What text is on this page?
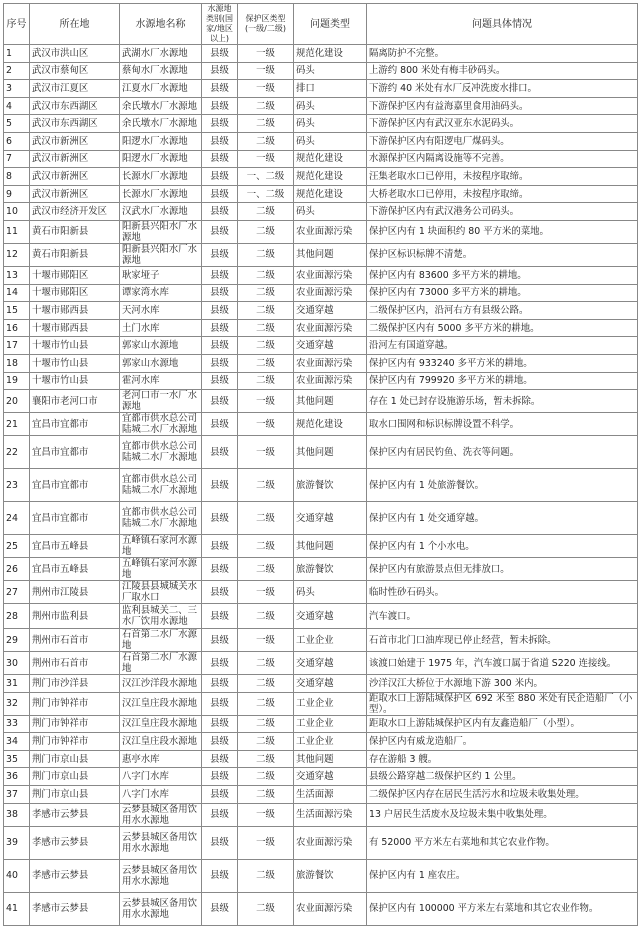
序号	所在地	水源地名称	水源地类别(国家/地区以上)	保护区类型(一级/二级)	问题类型	问题具体情况
1	武汉市洪山区	武湖水厂水源地	县级	一级	规范化建设	隔离防护不完整。
2	武汉市蔡甸区	蔡甸水厂水源地	县级	一级	码头	上游约 800 米处有梅丰砂码头。
3	武汉市江夏区	江夏水厂水源地	县级	一级	排口	下游约 40 米处有水厂反冲洗废水排口。
4	武汉市东西湖区	余氏墩水厂水源地	县级	二级	码头	下游保护区内有益海嘉里食用油码头。
5	武汉市东西湖区	余氏墩水厂水源地	县级	二级	码头	下游保护区内有武汉亚东水泥码头。
6	武汉市新洲区	阳逻水厂水源地	县级	二级	码头	下游保护区内有阳逻电厂煤码头。
7	武汉市新洲区	阳逻水厂水源地	县级	一级	规范化建设	水源保护区内隔离设施等不完善。
8	武汉市新洲区	长源水厂水源地	县级	一、二级	规范化建设	汪集老取水口已停用，未按程序取缔。
9	武汉市新洲区	长源水厂水源地	县级	一、二级	规范化建设	大桥老取水口已停用，未按程序取缔。
10	武汉市经济开发区	汉武水厂水源地	县级	二级	码头	下游保护区内有武汉港务公司码头。
11	黄石市阳新县	阳新县兴阳水厂水源地	县级	二级	农业面源污染	保护区内有 1 块面积约 80 平方米的菜地。
12	黄石市阳新县	阳新县兴阳水厂水源地	县级	二级	其他问题	保护区标识标牌不清楚。
13	十堰市郧阳区	耿家垭子	县级	二级	农业面源污染	保护区内有 83600 多平方米的耕地。
14	十堰市郧阳区	谭家湾水库	县级	二级	农业面源污染	保护区内有 73000 多平方米的耕地。
15	十堰市郧西县	天河水库	县级	二级	交通穿越	二级保护区内，沿河右方有县级公路。
16	十堰市郧西县	土门水库	县级	二级	农业面源污染	二级保护区内有 5000 多平方米的耕地。
17	十堰市竹山县	郭家山水源地	县级	二级	交通穿越	沿河左有国道穿越。
18	十堰市竹山县	郭家山水源地	县级	二级	农业面源污染	保护区内有 933240 多平方米的耕地。
19	十堰市竹山县	霍河水库	县级	二级	农业面源污染	保护区内有 799920 多平方米的耕地。
20	襄阳市老河口市	老河口市一水厂水源地	县级	一级	其他问题	存在 1 处已封存设施游乐场，暂未拆除。
21	宜昌市宜都市	宜都市供水总公司陆城二水厂水源地	县级	一级	规范化建设	取水口围网和标识标牌设置不科学。
22	宜昌市宜都市	宜都市供水总公司陆城二水厂水源地	县级	一级	其他问题	保护区内有居民钓鱼、洗衣等问题。
23	宜昌市宜都市	宜都市供水总公司陆城二水厂水源地	县级	二级	旅游餐饮	保护区内有 1 处旅游餐饮。
24	宜昌市宜都市	宜都市供水总公司陆城二水厂水源地	县级	二级	交通穿越	保护区内有 1 处交通穿越。
25	宜昌市五峰县	五峰镇石家河水源地	县级	二级	其他问题	保护区内有 1 个小水电。
26	宜昌市五峰县	五峰镇石家河水源地	县级	二级	旅游餐饮	保护区内有旅游景点但无排放口。
27	荆州市江陵县	江陵县县城城关水厂取水口	县级	一级	码头	临时性砂石码头。
28	荆州市监利县	监利县城关二、三水厂饮用水源地	县级	二级	交通穿越	汽车渡口。
29	荆州市石首市	石首第二水厂水源地	县级	一级	工业企业	石首市北门口油库现已停止经营，暂未拆除。
30	荆州市石首市	石首第二水厂水源地	县级	二级	交通穿越	该渡口始建于 1975 年，汽车渡口属于省道 S220 连接线。
31	荆门市沙洋县	汉江沙洋段水源地	县级	二级	交通穿越	沙洋汉江大桥位于水源地下游 300 米内。
32	荆门市钟祥市	汉江皇庄段水源地	县级	二级	工业企业	距取水口上游陆城保护区 692 米至 880 米处有民企造船厂（小型）。
33	荆门市钟祥市	汉江皇庄段水源地	县级	二级	工业企业	距取水口上游陆城保护区内有友鑫造船厂（小型）。
34	荆门市钟祥市	汉江皇庄段水源地	县级	二级	工业企业	保护区内有威龙造船厂。
35	荆门市京山县	惠亭水库	县级	二级	其他问题	存在游船 3 艘。
36	荆门市京山县	八字门水库	县级	二级	交通穿越	县级公路穿越二级保护区约 1 公里。
37	荆门市京山县	八字门水库	县级	二级	生活面源	二级保护区内存在居民生活污水和垃圾未收集处理。
38	孝感市云梦县	云梦县城区备用饮用水水源地	县级	一级	生活面源污染	13 户居民生活废水及垃圾未集中收集处理。
39	孝感市云梦县	云梦县城区备用饮用水水源地	县级	一级	农业面源污染	有 52000 平方米左右菜地和其它农业作物。
40	孝感市云梦县	云梦县城区备用饮用水水源地	县级	二级	旅游餐饮	保护区内有 1 座农庄。
41	孝感市云梦县	云梦县城区备用饮用水水源地	县级	二级	农业面源污染	保护区内有 100000 平方米左右菜地和其它农业作物。
